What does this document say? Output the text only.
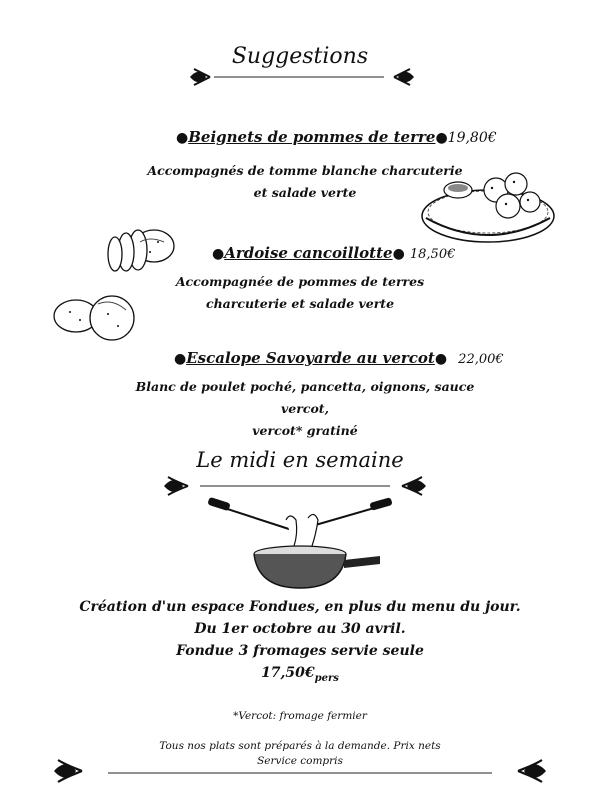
Suggestions
●Beignets de pommes de terre●19,80€
Accompagnés de tomme blanche charcuterie
et salade verte
●Ardoise cancoillotte● 18,50€
Accompagnée de pommes de terres
charcuterie et salade verte
●Escalope Savoyarde au vercot● 22,00€
Blanc de poulet poché, pancetta, oignons, sauce vercot,
vercot* gratiné
Le midi en semaine
Création d'un espace Fondues, en plus du menu du jour.
Du 1er octobre au 30 avril.
Fondue 3 fromages servie seule
$17,50€_{pers}$
*Vercot: fromage fermier
Tous nos plats sont préparés à la demande. Prix nets
Service compris
